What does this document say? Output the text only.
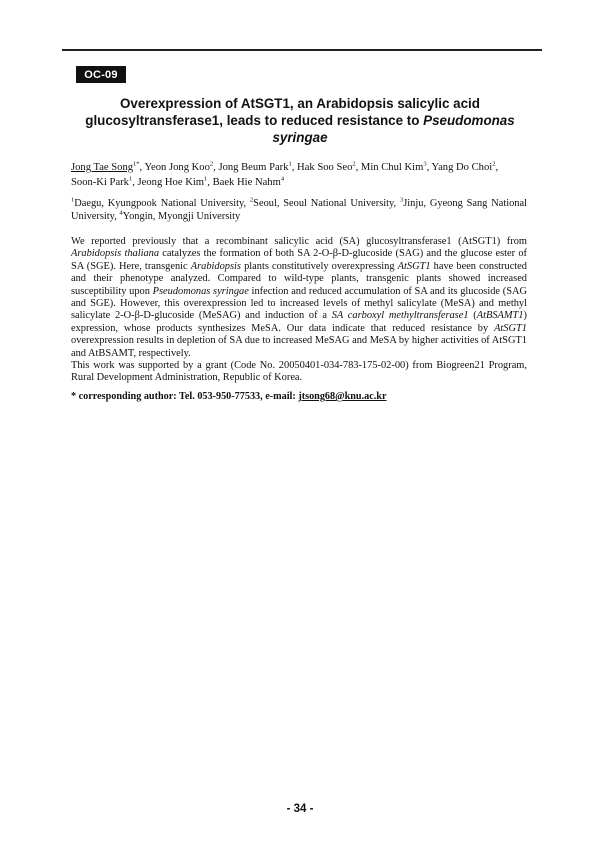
OC-09
Overexpression of AtSGT1, an Arabidopsis salicylic acid
glucosyltransferase1, leads to reduced resistance to Pseudomonas
syringae
Jong Tae Song$^{1*}$, Yeon Jong Koo$^2$, Jong Beum Park$^1$, Hak Soo Seo$^2$, Min Chul Kim$^3$, Yang Do Choi$^2$,
Soon-Ki Park$^1$, Jeong Hoe Kim$^1$, Baek Hie Nahm$^4$
$^1$Daegu, Kyungpook National University, $^2$Seoul, Seoul National University, $^3$Jinju, Gyeong Sang National University, $^4$Yongin, Myongji University

We reported previously that a recombinant salicylic acid (SA) glucosyltransferase1 (AtSGT1) from Arabidopsis thaliana catalyzes the formation of both SA 2-O-β-D-glucoside (SAG) and the glucose ester of SA (SGE). Here, transgenic Arabidopsis plants constitutively overexpressing AtSGT1 have been constructed and their phenotype analyzed. Compared to wild-type plants, transgenic plants showed increased susceptibility upon Pseudomonas syringae infection and reduced accumulation of SA and its glucoside (SAG and SGE). However, this overexpression led to increased levels of methyl salicylate (MeSA) and methyl salicylate 2-O-β-D-glucoside (MeSAG) and induction of a SA carboxyl methyltransferase1 (AtBSAMT1) expression, whose products synthesizes MeSA. Our data indicate that reduced resistance by AtSGT1 overexpression results in depletion of SA due to increased MeSAG and MeSA by higher activities of AtSGT1 and AtBSAMT, respectively.

This work was supported by a grant (Code No. 20050401-034-783-175-02-00) from Biogreen21 Program, Rural Development Administration, Republic of Korea.

* corresponding author: Tel. 053-950-77533, e-mail: jtsong68@knu.ac.kr
- 34 -
